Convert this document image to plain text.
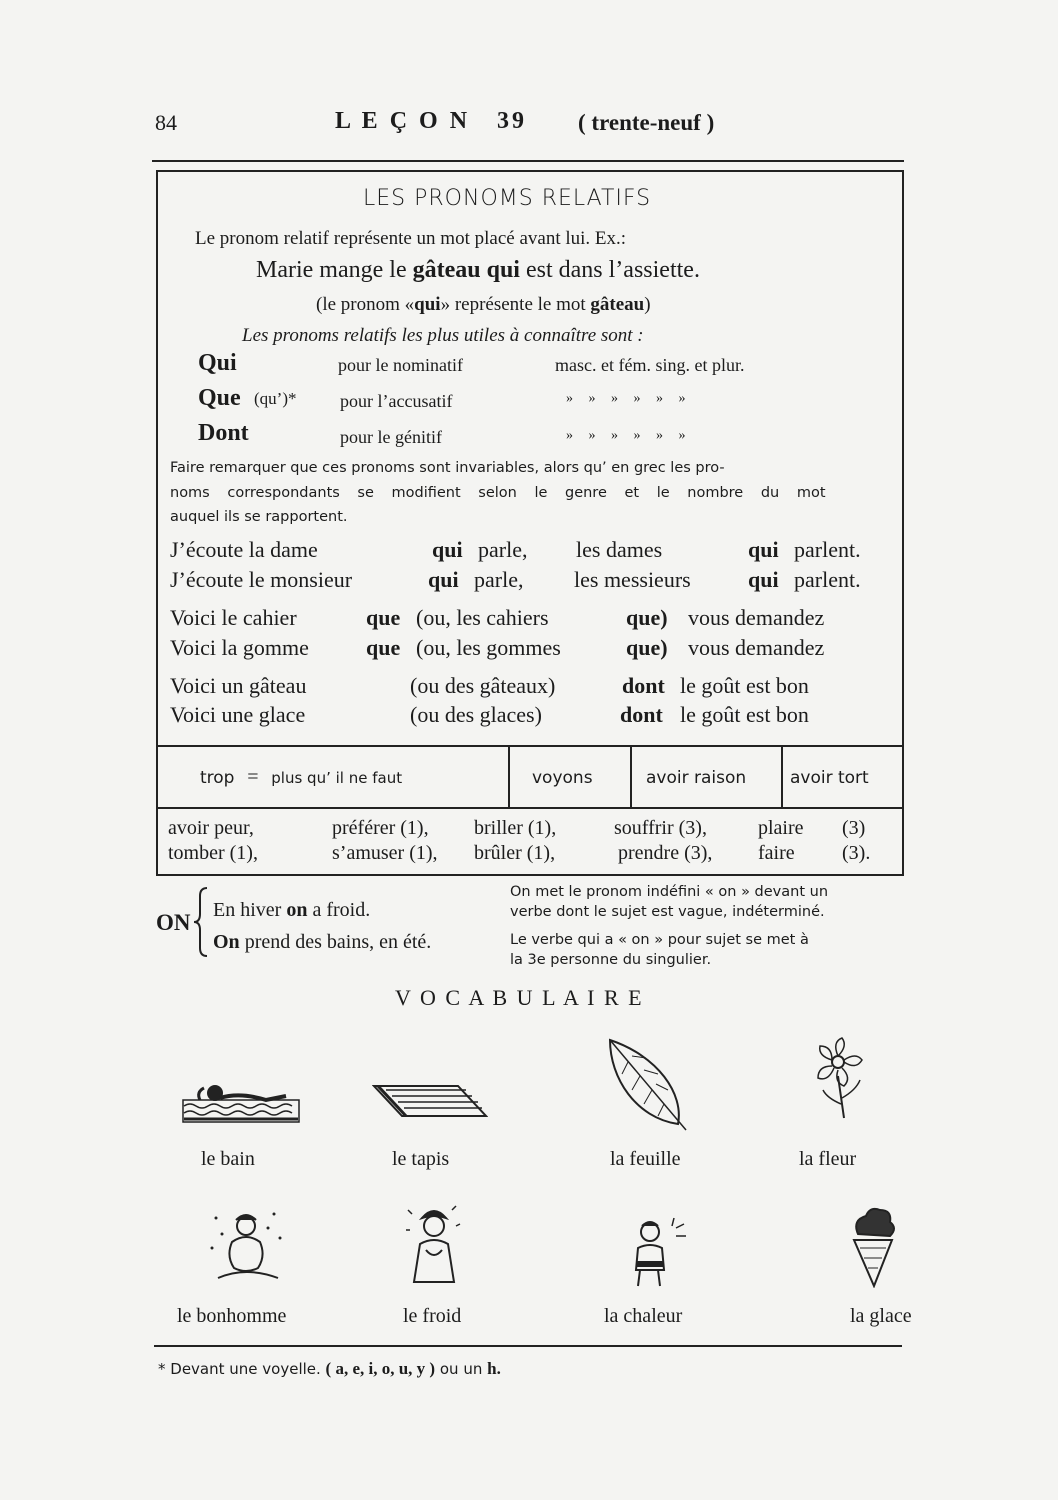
84	L E Ç O N 39 ( trente-neuf )
LES PRONOMS RELATIFS
Le pronom relatif représente un mot placé avant lui. Ex.:
Marie mange le gâteau qui est dans l’assiette.
(le pronom «qui» représente le mot gâteau)
Les pronoms relatifs les plus utiles à connaître sont :
Qui	pour le nominatif	masc. et fém. sing. et plur.
Que (qu’)* pour l’accusatif	» » » » » »
Dont	pour le génitif	» » » » » »
Faire remarquer que ces pronoms sont invariables, alors qu’ en grec les pro-
noms correspondants se modifient selon le genre et le nombre du mot
auquel ils se rapportent.
J’écoute la dame	qui parle, les dames	qui parlent.
J’écoute le monsieur	qui parle, les messieurs	qui parlent.
Voici le cahier	que (ou, les cahiers	que) vous demandez
Voici la gomme	que (ou, les gommes	que) vous demandez
Voici un gâteau	(ou des gâteaux)	dont le goût est bon
Voici une glace	(ou des glaces)	dont le goût est bon
trop = plus qu’ il ne faut	voyons	avoir raison	avoir tort
avoir peur,	préférer (1), briller (1),	souffrir (3),	plaire (3)
tomber (1),	s’amuser (1), brûler (1),	prendre (3), faire (3).
ON En hiver on a froid.
On prend des bains, en été.
On met le pronom indéfini « on » devant un
verbe dont le sujet est vague, indéterminé.
Le verbe qui a « on » pour sujet se met à
la 3e personne du singulier.
V O C A B U L A I R E
le bain	le tapis	la feuille	la fleur
le bonhomme	le froid	la chaleur	la glace
* Devant une voyelle. ( a, e, i, o, u, y ) ou un h.
